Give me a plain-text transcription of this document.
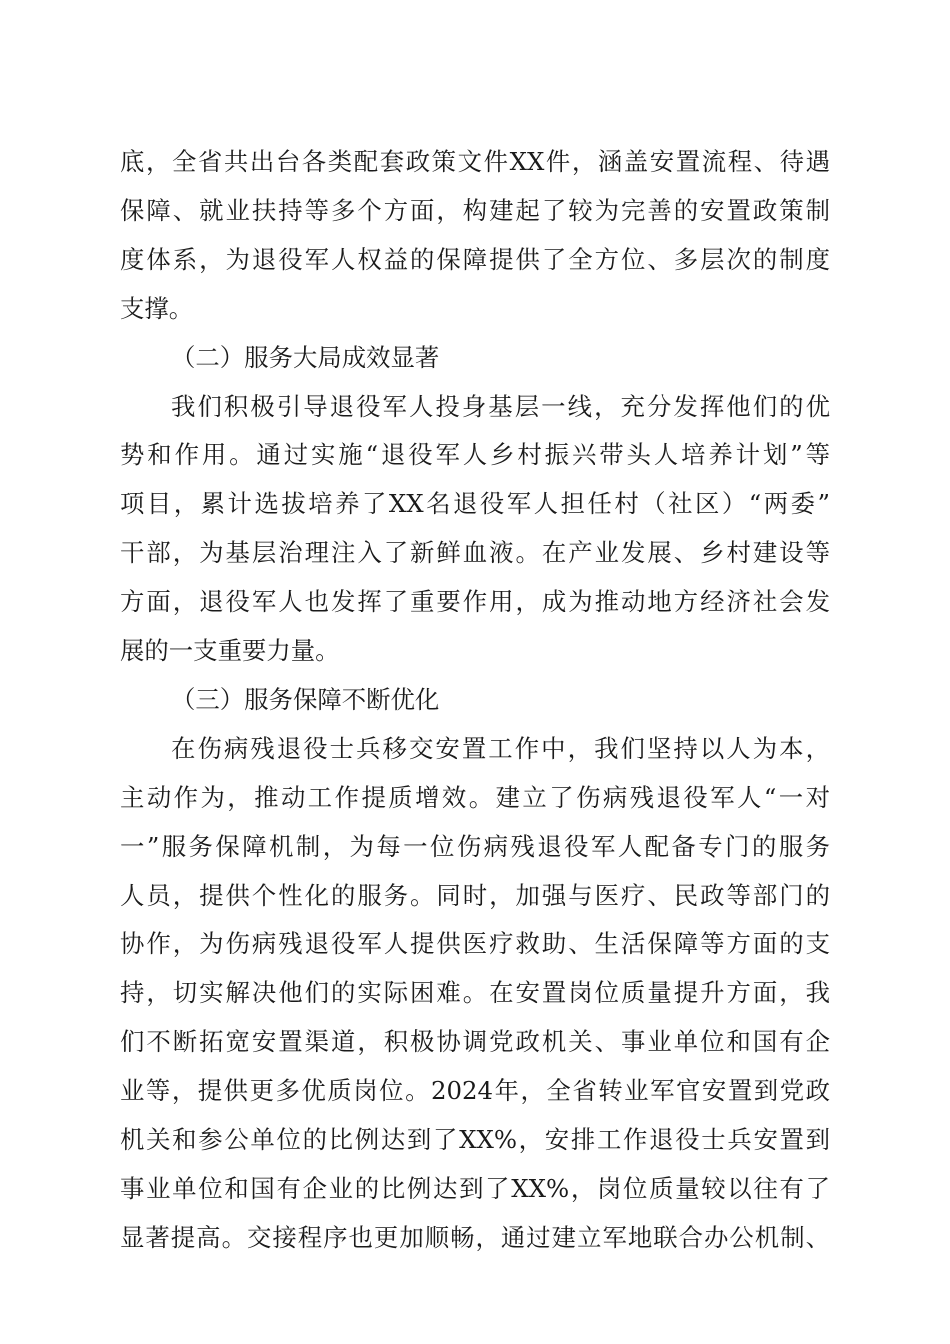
底，全省共出台各类配套政策文件XX件，涵盖安置流程、待遇
保障、就业扶持等多个方面，构建起了较为完善的安置政策制
度体系，为退役军人权益的保障提供了全方位、多层次的制度
支撑。
（二）服务大局成效显著
我们积极引导退役军人投身基层一线，充分发挥他们的优
势和作用。通过实施“退役军人乡村振兴带头人培养计划”等
项目，累计选拔培养了XX名退役军人担任村（社区）“两委”
干部，为基层治理注入了新鲜血液。在产业发展、乡村建设等
方面，退役军人也发挥了重要作用，成为推动地方经济社会发
展的一支重要力量。
（三）服务保障不断优化
在伤病残退役士兵移交安置工作中，我们坚持以人为本，
主动作为，推动工作提质增效。建立了伤病残退役军人“一对
一”服务保障机制，为每一位伤病残退役军人配备专门的服务
人员，提供个性化的服务。同时，加强与医疗、民政等部门的
协作，为伤病残退役军人提供医疗救助、生活保障等方面的支
持，切实解决他们的实际困难。在安置岗位质量提升方面，我
们不断拓宽安置渠道，积极协调党政机关、事业单位和国有企
业等，提供更多优质岗位。2024年，全省转业军官安置到党政
机关和参公单位的比例达到了XX%，安排工作退役士兵安置到
事业单位和国有企业的比例达到了XX%，岗位质量较以往有了
显著提高。交接程序也更加顺畅，通过建立军地联合办公机制、
